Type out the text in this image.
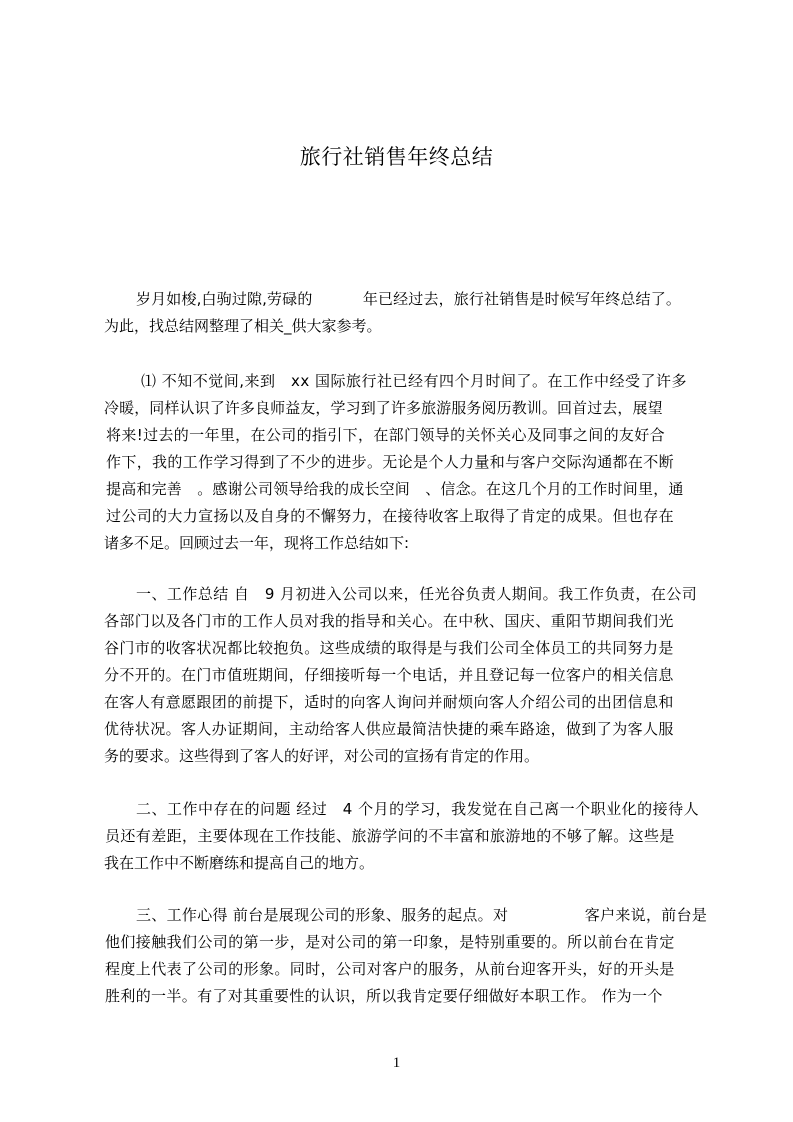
旅行社销售年终总结
岁月如梭,白驹过隙,劳碌的　　　 年已经过去，旅行社销售是时候写年终总结了。
为此，找总结网整理了相关_供大家参考。
⑴ 不知不觉间,来到　xx 国际旅行社已经有四个月时间了。在工作中经受了许多
冷暖，同样认识了许多良师益友，学习到了许多旅游服务阅历教训。回首过去，展望
将来!过去的一年里，在公司的指引下，在部门领导的关怀关心及同事之间的友好合
作下，我的工作学习得到了不少的进步。无论是个人力量和与客户交际沟通都在不断
提高和完善　。感谢公司领导给我的成长空间　、信念。在这几个月的工作时间里，通
过公司的大力宣扬以及自身的不懈努力，在接待收客上取得了肯定的成果。但也存在
诸多不足。回顾过去一年，现将工作总结如下:
一、工作总结 自　9 月初进入公司以来，任光谷负责人期间。我工作负责，在公司
各部门以及各门市的工作人员对我的指导和关心。在中秋、国庆、重阳节期间我们光
谷门市的收客状况都比较抱负。这些成绩的取得是与我们公司全体员工的共同努力是
分不开的。在门市值班期间，仔细接听每一个电话，并且登记每一位客户的相关信息
在客人有意愿跟团的前提下，适时的向客人询问并耐烦向客人介绍公司的出团信息和
优待状况。客人办证期间，主动给客人供应最简洁快捷的乘车路途，做到了为客人服
务的要求。这些得到了客人的好评，对公司的宣扬有肯定的作用。
二、工作中存在的问题 经过　4 个月的学习，我发觉在自己离一个职业化的接待人
员还有差距，主要体现在工作技能、旅游学问的不丰富和旅游地的不够了解。这些是
我在工作中不断磨练和提高自己的地方。
三、工作心得 前台是展现公司的形象、服务的起点。对　　　　　客户来说，前台是
他们接触我们公司的第一步，是对公司的第一印象，是特别重要的。所以前台在肯定
程度上代表了公司的形象。同时，公司对客户的服务，从前台迎客开头，好的开头是
胜利的一半。有了对其重要性的认识，所以我肯定要仔细做好本职工作。 作为一个
1
